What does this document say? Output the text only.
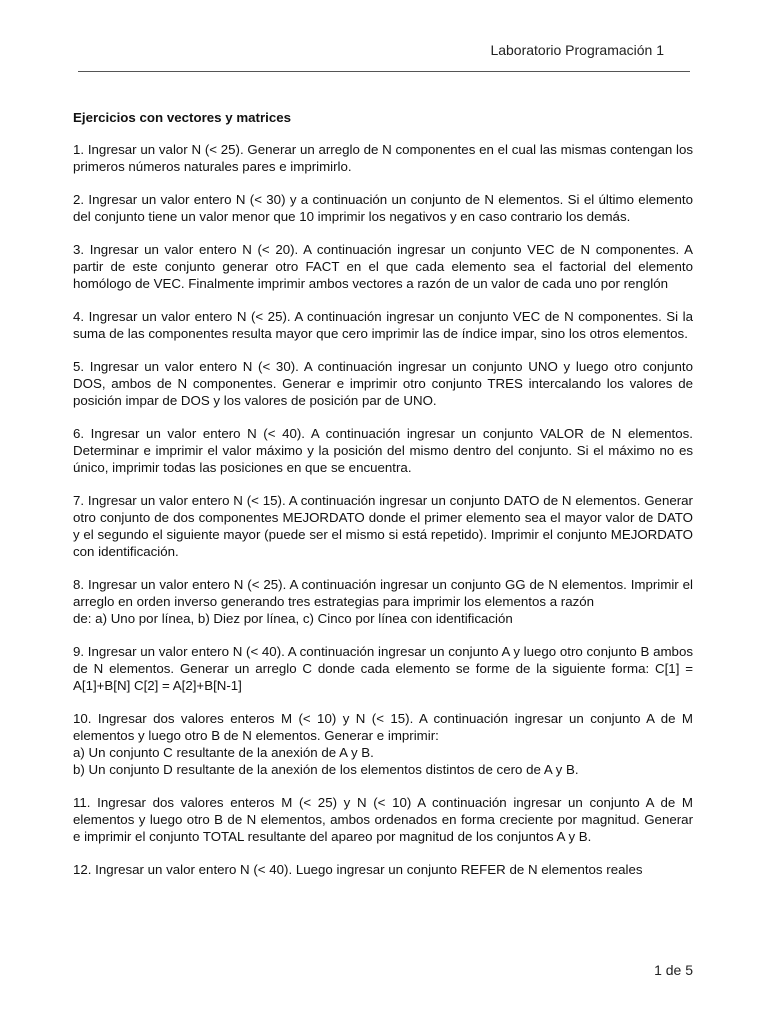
Laboratorio Programación 1
Ejercicios con vectores y matrices
1. Ingresar un valor N (< 25). Generar un arreglo de N componentes en el cual las mismas contengan los primeros números naturales pares e imprimirlo.
2. Ingresar un valor entero N (< 30) y a continuación un conjunto de N elementos. Si el último elemento del conjunto tiene un valor menor que 10 imprimir los negativos y en caso contrario los demás.
3. Ingresar un valor entero N (< 20). A continuación ingresar un conjunto VEC de N componentes. A partir de este conjunto generar otro FACT en el que cada elemento sea el factorial del elemento homólogo de VEC. Finalmente imprimir ambos vectores a razón de un valor de cada uno por renglón
4. Ingresar un valor entero N (< 25). A continuación ingresar un conjunto VEC de N componentes. Si la suma de las componentes resulta mayor que cero imprimir las de índice impar, sino los otros elementos.
5. Ingresar un valor entero N (< 30). A continuación ingresar un conjunto UNO y luego otro conjunto DOS, ambos de N componentes. Generar e imprimir otro conjunto TRES intercalando los valores de posición impar de DOS y los valores de posición par de UNO.
6. Ingresar un valor entero N (< 40). A continuación ingresar un conjunto VALOR de N elementos. Determinar e imprimir el valor máximo y la posición del mismo dentro del conjunto. Si el máximo no es único, imprimir todas las posiciones en que se encuentra.
7. Ingresar un valor entero N (< 15). A continuación ingresar un conjunto DATO de N elementos. Generar otro conjunto de dos componentes MEJORDATO donde el primer elemento sea el mayor valor de DATO y el segundo el siguiente mayor (puede ser el mismo si está repetido). Imprimir el conjunto MEJORDATO con identificación.
8. Ingresar un valor entero N (< 25). A continuación ingresar un conjunto GG de N elementos. Imprimir el arreglo en orden inverso generando tres estrategias para imprimir los elementos a razón
de: a) Uno por línea, b) Diez por línea, c) Cinco por línea con identificación
9. Ingresar un valor entero N (< 40). A continuación ingresar un conjunto A y luego otro conjunto B ambos de N elementos. Generar un arreglo C donde cada elemento se forme de la siguiente forma: C[1] = A[1]+B[N] C[2] = A[2]+B[N-1]
10. Ingresar dos valores enteros M (< 10) y N (< 15). A continuación ingresar un conjunto A de M elementos y luego otro B de N elementos. Generar e imprimir:
a) Un conjunto C resultante de la anexión de A y B.
b) Un conjunto D resultante de la anexión de los elementos distintos de cero de A y B.
11. Ingresar dos valores enteros M (< 25) y N (< 10) A continuación ingresar un conjunto A de M elementos y luego otro B de N elementos, ambos ordenados en forma creciente por magnitud. Generar e imprimir el conjunto TOTAL resultante del apareo por magnitud de los conjuntos A y B.
12. Ingresar un valor entero N (< 40). Luego ingresar un conjunto REFER de N elementos reales
1 de 5
